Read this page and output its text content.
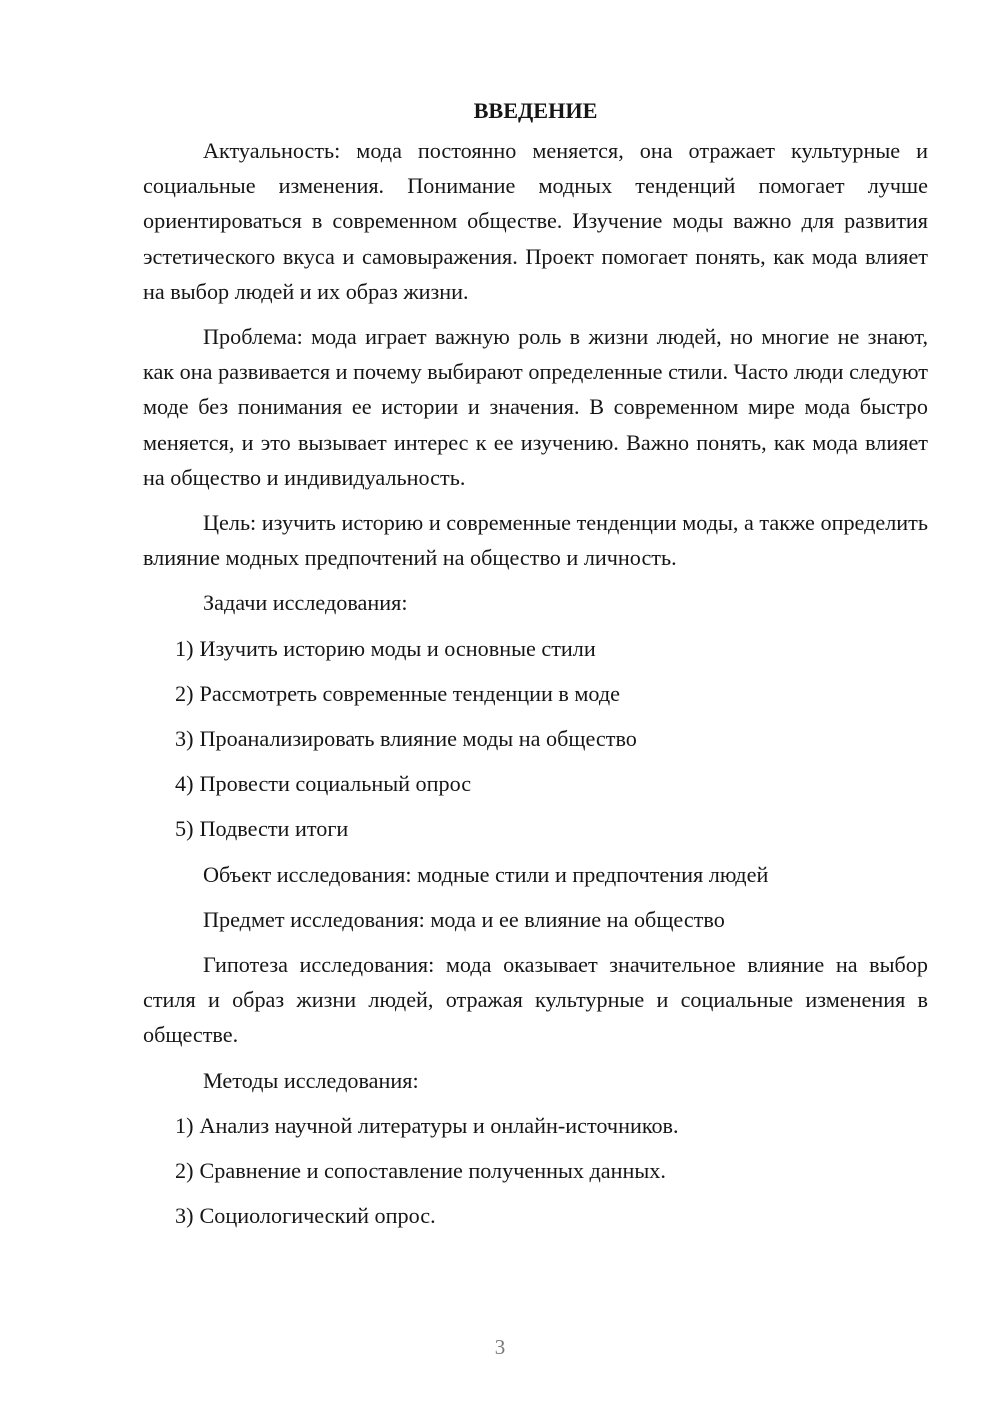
ВВЕДЕНИЕ

Актуальность: мода постоянно меняется, она отражает культурные и социальные изменения. Понимание модных тенденций помогает лучше ориентироваться в современном обществе. Изучение моды важно для развития эстетического вкуса и самовыражения. Проект помогает понять, как мода влияет на выбор людей и их образ жизни.

Проблема: мода играет важную роль в жизни людей, но многие не знают, как она развивается и почему выбирают определенные стили. Часто люди следуют моде без понимания ее истории и значения. В современном мире мода быстро меняется, и это вызывает интерес к ее изучению. Важно понять, как мода влияет на общество и индивидуальность.

Цель: изучить историю и современные тенденции моды, а также определить влияние модных предпочтений на общество и личность.

Задачи исследования:

1) Изучить историю моды и основные стили
2) Рассмотреть современные тенденции в моде
3) Проанализировать влияние моды на общество
4) Провести социальный опрос
5) Подвести итоги

Объект исследования: модные стили и предпочтения людей

Предмет исследования: мода и ее влияние на общество

Гипотеза исследования: мода оказывает значительное влияние на выбор стиля и образ жизни людей, отражая культурные и социальные изменения в обществе.

Методы исследования:

1) Анализ научной литературы и онлайн-источников.
2) Сравнение и сопоставление полученных данных.
3) Социологический опрос.
3
